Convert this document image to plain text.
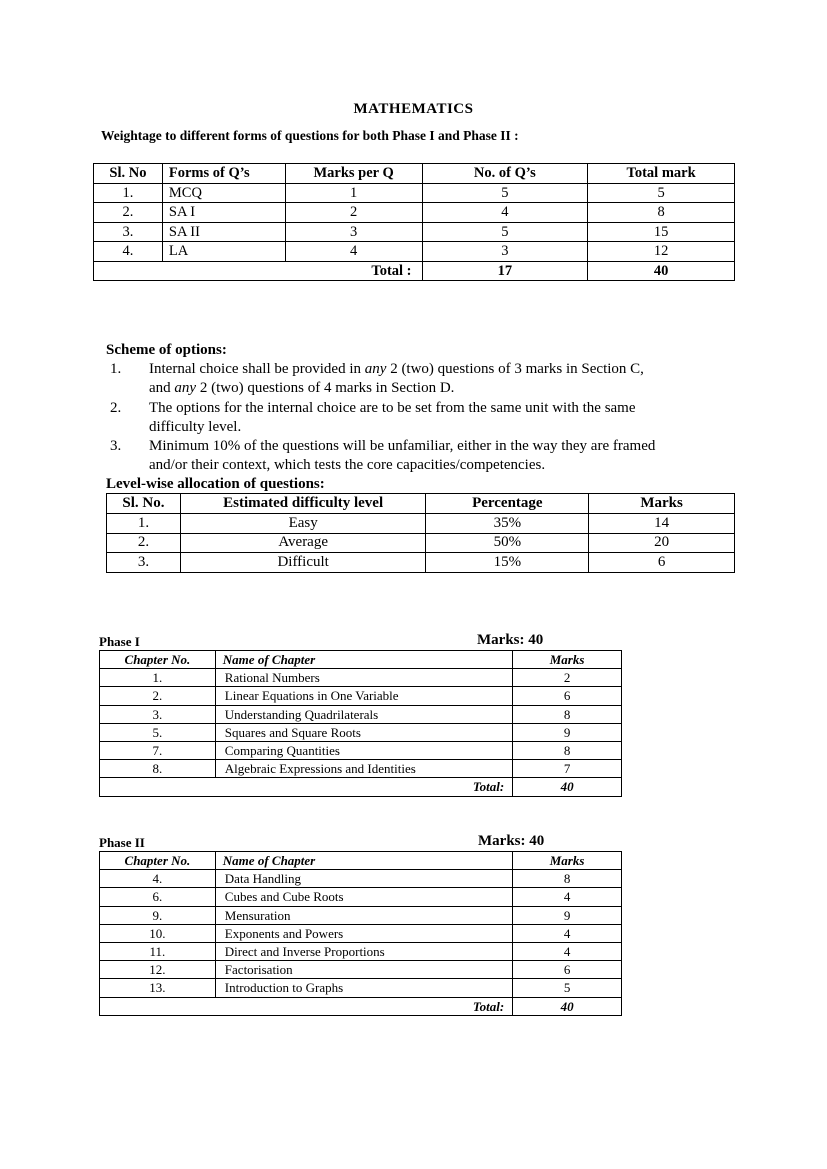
MATHEMATICS
Weightage to different forms of questions for both Phase I and Phase II :
Sl. No	Forms of Q’s	Marks per Q	No. of Q’s	Total mark
1.	MCQ	1	5	5
2.	SA I	2	4	8
3.	SA II	3	5	15
4.	LA	4	3	12
Total :			17	40
Scheme of options:
1. Internal choice shall be provided in any 2 (two) questions of 3 marks in Section C,
and any 2 (two) questions of 4 marks in Section D.
2. The options for the internal choice are to be set from the same unit with the same
difficulty level.
3. Minimum 10% of the questions will be unfamiliar, either in the way they are framed
and/or their context, which tests the core capacities/competencies.
Level-wise allocation of questions:
Sl. No.	Estimated difficulty level	Percentage	Marks
1.	Easy	35%	14
2.	Average	50%	20
3.	Difficult	15%	6
Phase I	Marks: 40
Chapter No.	Name of Chapter	Marks
1.	Rational Numbers	2
2.	Linear Equations in One Variable	6
3.	Understanding Quadrilaterals	8
5.	Squares and Square Roots	9
7.	Comparing Quantities	8
8.	Algebraic Expressions and Identities	7
Total:		40
Phase II	Marks: 40
Chapter No.	Name of Chapter	Marks
4.	Data Handling	8
6.	Cubes and Cube Roots	4
9.	Mensuration	9
10.	Exponents and Powers	4
11.	Direct and Inverse Proportions	4
12.	Factorisation	6
13.	Introduction to Graphs	5
Total:		40
